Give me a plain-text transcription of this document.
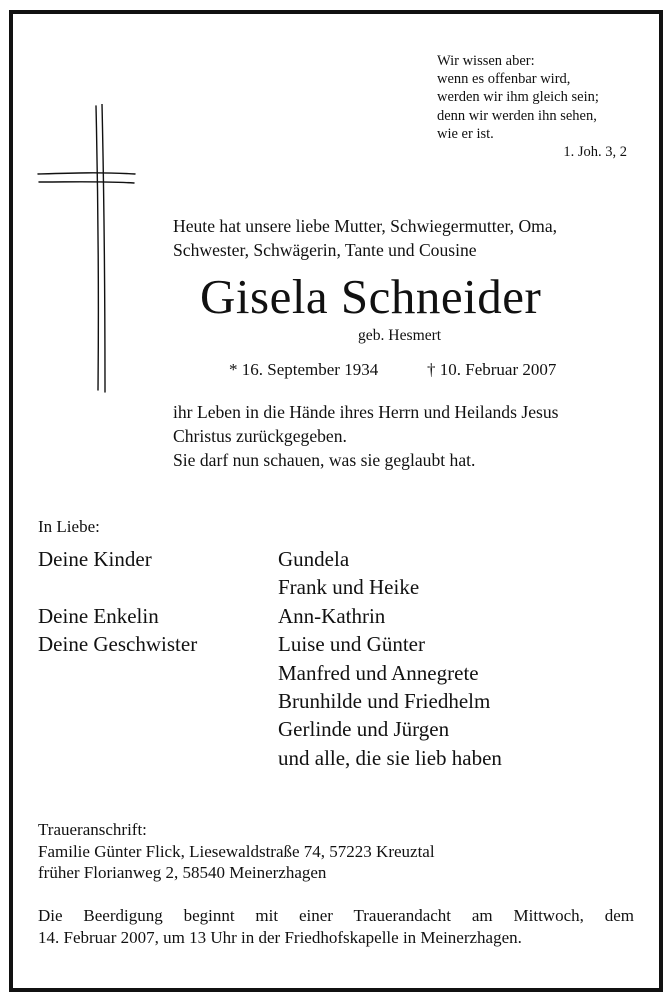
Wir wissen aber:
wenn es offenbar wird,
werden wir ihm gleich sein;
denn wir werden ihn sehen,
wie er ist.
1. Joh. 3, 2
Heute hat unsere liebe Mutter, Schwiegermutter, Oma,
Schwester, Schwägerin, Tante und Cousine
Gisela Schneider
geb. Hesmert
* 16. September 1934	† 10. Februar 2007
ihr Leben in die Hände ihres Herrn und Heilands Jesus
Christus zurückgegeben.
Sie darf nun schauen, was sie geglaubt hat.
In Liebe:
Deine Kinder
Deine Enkelin
Deine Geschwister
Gundela
Frank und Heike
Ann-Kathrin
Luise und Günter
Manfred und Annegrete
Brunhilde und Friedhelm
Gerlinde und Jürgen
und alle, die sie lieb haben
Traueranschrift:
Familie Günter Flick, Liesewaldstraße 74, 57223 Kreuztal
früher Florianweg 2, 58540 Meinerzhagen
Die Beerdigung beginnt mit einer Trauerandacht am Mittwoch, dem
14. Februar 2007, um 13 Uhr in der Friedhofskapelle in Meinerzhagen.
